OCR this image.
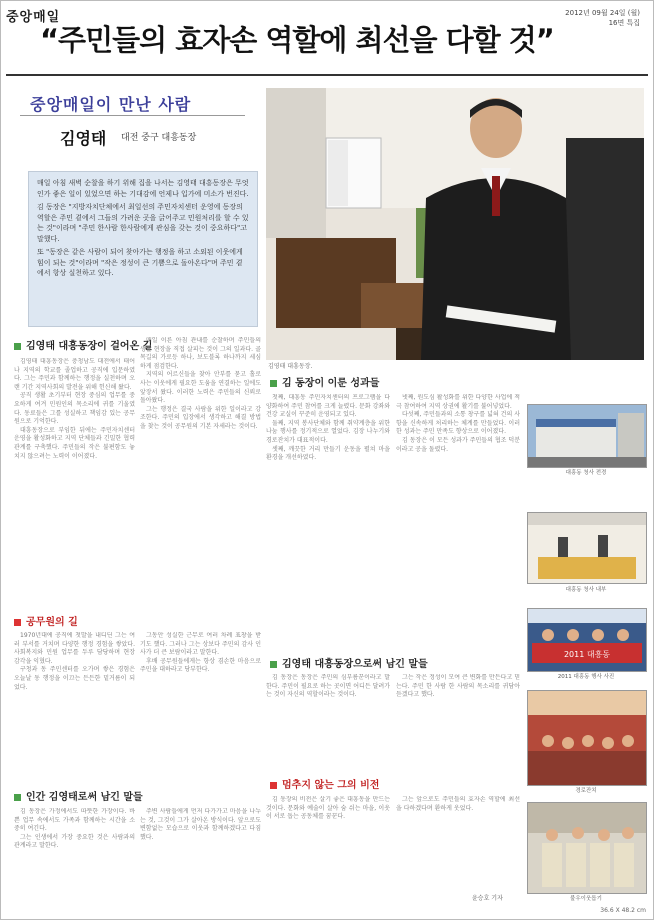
중앙매일	2012년 09월 24일 (월)
16면 특집
“주민들의 효자손 역할에 최선을 다할 것”
중앙매일이 만난 사람
김영태 대전 중구 대흥동장

매일 아침 새벽 순찰을 하기 위해 집을 나서는 김영태 대흥동장은 무엇인가 좋은 일이 있었으면 하는 기대감에 언제나 입가에 미소가 번진다.

김 동장은 "지방자치단체에서 최일선의 주민자치센터 운영에 동장의 역할은 주민 곁에서 그들의 가려운 곳을 긁어주고 민원처리를 할 수 있는 것"이라며 "주민 한사람 한사람에게 관심을 갖는 것이 중요하다"고 말했다.

또 "동장은 같은 사람이 되어 찾아가는 행정을 하고 소외된 이웃에게 힘이 되는 것"이라며 "작은 정성이 큰 기쁨으로 돌아온다"며 주민 곁에서 항상 실천하고 있다.

김영태 대흥동장.
김영태 대흥동장이 걸어온 길

김영태 대흥동장은 충청남도 대전에서 태어나 지역의 학교를 졸업하고 공직에 입문하였다. 그는 주민과 함께하는 행정을 실천하며 오랜 기간 지역사회의 발전을 위해 헌신해 왔다.

공직 생활 초기부터 현장 중심의 업무를 중요하게 여겨 민원인의 목소리에 귀를 기울였다. 동료들은 그를 성실하고 책임감 있는 공무원으로 기억한다.

대흥동장으로 부임한 뒤에는 주민자치센터 운영을 활성화하고 지역 단체들과 긴밀한 협력 관계를 구축했다. 주민들의 작은 불편함도 놓치지 않으려는 노력이 이어졌다.

매일 이른 아침 관내를 순찰하며 주민들의 생활 현장을 직접 살피는 것이 그의 일과다. 골목길의 가로등 하나, 보도블록 하나까지 세심하게 점검한다.

지역의 어르신들을 찾아 안부를 묻고 홀로 사는 이웃에게 필요한 도움을 연결하는 일에도 앞장서 왔다. 이러한 노력은 주민들의 신뢰로 돌아왔다.

그는 행정은 결국 사람을 위한 일이라고 강조한다. 주민의 입장에서 생각하고 해결 방법을 찾는 것이 공무원의 기본 자세라는 것이다.

공무원의 길

1970년대에 공직에 첫발을 내디딘 그는 여러 부서를 거치며 다양한 행정 경험을 쌓았다. 사회복지와 민원 업무를 두루 담당하며 현장 감각을 익혔다.

구청과 동 주민센터를 오가며 쌓은 경험은 오늘날 동 행정을 이끄는 든든한 밑거름이 되었다.

그동안 성실한 근무로 여러 차례 표창을 받기도 했다. 그러나 그는 상보다 주민의 감사 인사가 더 큰 보람이라고 말한다.

후배 공무원들에게는 항상 겸손한 마음으로 주민을 대하라고 당부한다.

인간 김영태로써 남긴 말들

김 동장은 가정에서도 따뜻한 가장이다. 바쁜 업무 속에서도 가족과 함께하는 시간을 소중히 여긴다.

그는 인생에서 가장 중요한 것은 사람과의 관계라고 말한다.

주변 사람들에게 먼저 다가가고 마음을 나누는 것, 그것이 그가 살아온 방식이다. 앞으로도 변함없는 모습으로 이웃과 함께하겠다고 다짐했다.

김 동장이 이룬 성과들

첫째, 대흥동 주민자치센터의 프로그램을 다양화하여 주민 참여를 크게 늘렸다. 문화 강좌와 건강 교실이 꾸준히 운영되고 있다.

둘째, 지역 봉사단체와 함께 취약계층을 위한 나눔 행사를 정기적으로 열었다. 김장 나누기와 경로잔치가 대표적이다.

셋째, 깨끗한 거리 만들기 운동을 펼쳐 마을 환경을 개선하였다.

넷째, 원도심 활성화를 위한 다양한 사업에 적극 참여하여 지역 상권에 활기를 불어넣었다.

다섯째, 주민들과의 소통 창구를 넓혀 건의 사항을 신속하게 처리하는 체계를 만들었다. 이러한 성과는 주민 만족도 향상으로 이어졌다.

김 동장은 이 모든 성과가 주민들의 협조 덕분이라고 공을 돌렸다.

김영태 대흥동장으로써 남긴 말들

김 동장은 동장은 주민의 심부름꾼이라고 말한다. 주민이 필요로 하는 곳이면 어디든 달려가는 것이 자신의 역할이라는 것이다.

그는 작은 정성이 모여 큰 변화를 만든다고 믿는다. 주민 한 사람 한 사람의 목소리를 귀담아 듣겠다고 했다.

멈추지 않는 그의 비전

김 동장의 비전은 살기 좋은 대흥동을 만드는 것이다. 문화와 예술이 살아 숨 쉬는 마을, 이웃이 서로 돕는 공동체를 꿈꾼다.

그는 앞으로도 주민들의 효자손 역할에 최선을 다하겠다며 환하게 웃었다.

윤승호 기자
대흥동 청사 전경
대흥동 청사 내부
2011 대흥동
2011 대흥동 행사 사진
경로잔치
불우이웃돕기
36.6 X 48.2 cm
